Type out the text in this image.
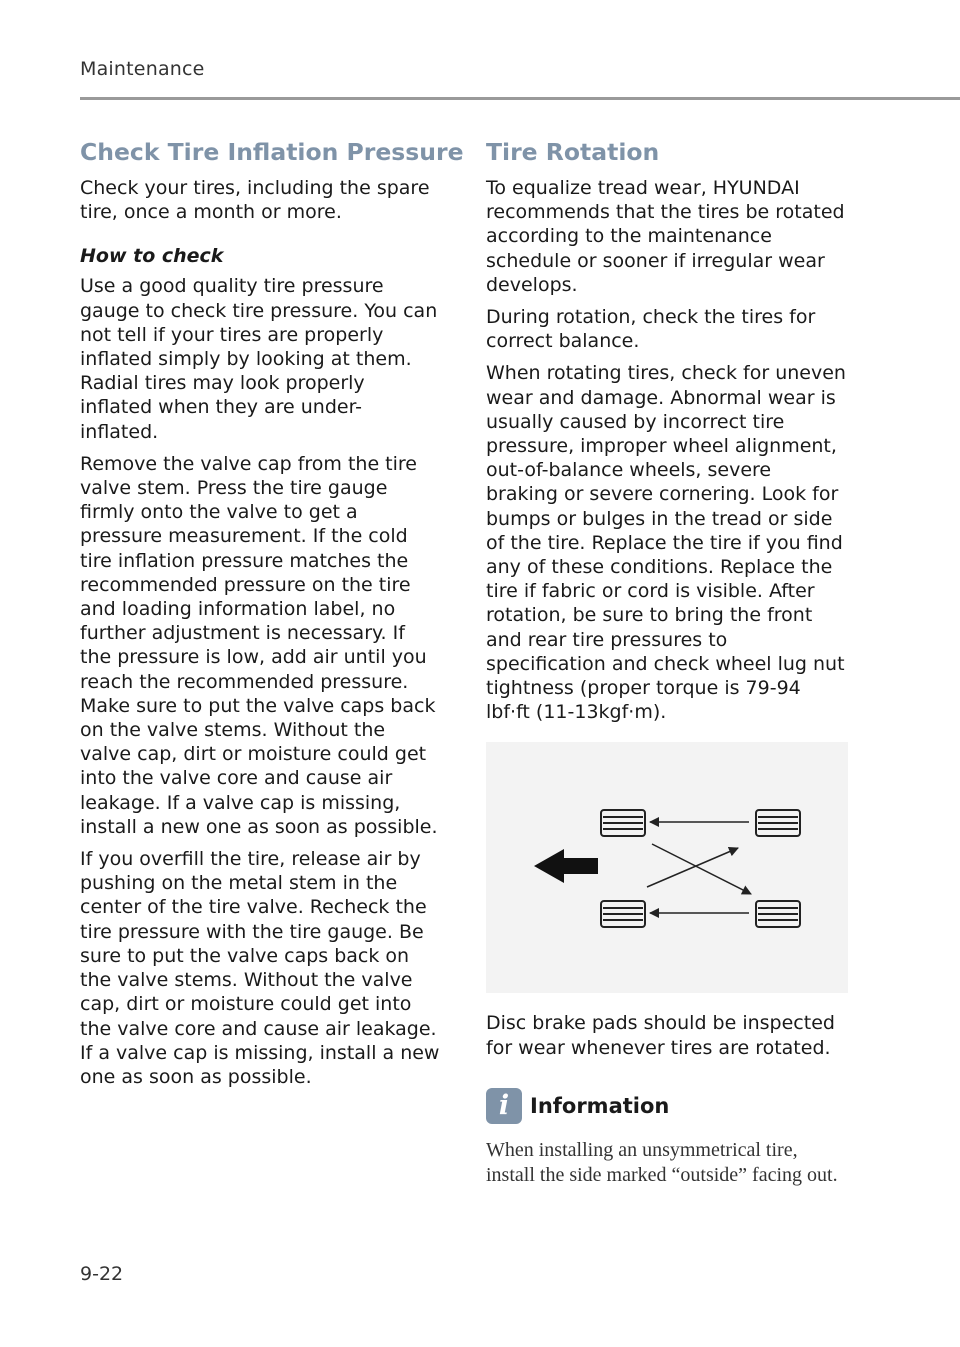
Maintenance
Check Tire Inflation Pressure

Check your tires, including the spare tire, once a month or more.

How to check

Use a good quality tire pressure gauge to check tire pressure. You can not tell if your tires are properly inflated simply by looking at them. Radial tires may look properly inflated when they are under-inflated.

Remove the valve cap from the tire valve stem. Press the tire gauge firmly onto the valve to get a pressure measurement. If the cold tire inflation pressure matches the recommended pressure on the tire and loading information label, no further adjustment is necessary. If the pressure is low, add air until you reach the recommended pressure. Make sure to put the valve caps back on the valve stems. Without the valve cap, dirt or moisture could get into the valve core and cause air leakage. If a valve cap is missing, install a new one as soon as possible.

If you overfill the tire, release air by pushing on the metal stem in the center of the tire valve. Recheck the tire pressure with the tire gauge. Be sure to put the valve caps back on the valve stems. Without the valve cap, dirt or moisture could get into the valve core and cause air leakage. If a valve cap is missing, install a new one as soon as possible.

Tire Rotation

To equalize tread wear, HYUNDAI recommends that the tires be rotated according to the maintenance schedule or sooner if irregular wear develops.

During rotation, check the tires for correct balance.

When rotating tires, check for uneven wear and damage. Abnormal wear is usually caused by incorrect tire pressure, improper wheel alignment, out-of-balance wheels, severe braking or severe cornering. Look for bumps or bulges in the tread or side of the tire. Replace the tire if you find any of these conditions. Replace the tire if fabric or cord is visible. After rotation, be sure to bring the front and rear tire pressures to specification and check wheel lug nut tightness (proper torque is 79-94 lbf·ft (11-13kgf·m).

Disc brake pads should be inspected for wear whenever tires are rotated.

i Information
When installing an unsymmetrical tire, install the side marked “outside” facing out.
9-22
